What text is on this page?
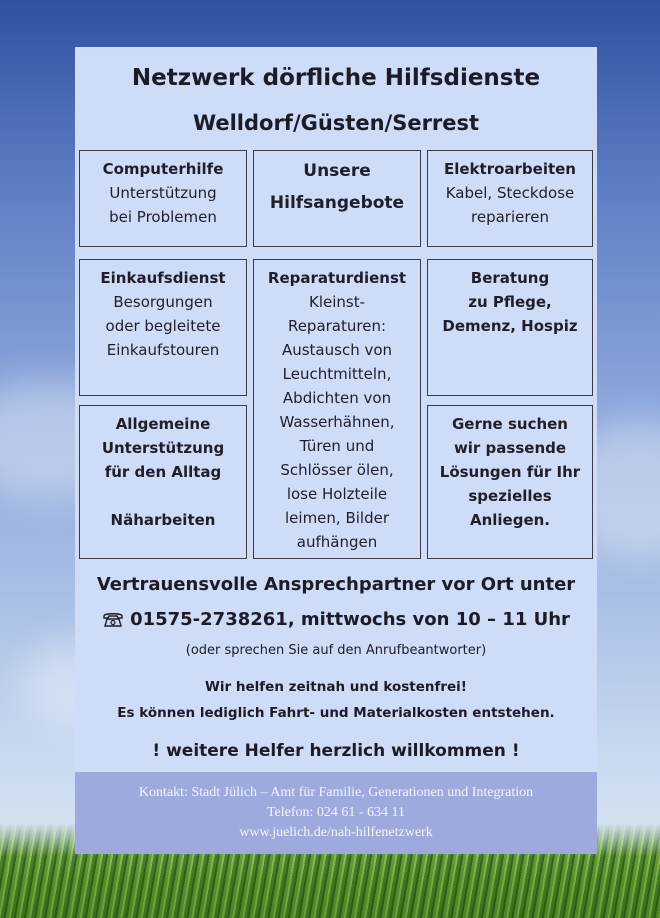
Netzwerk dörfliche Hilfsdienste
Welldorf/Güsten/Serrest
Computerhilfe
Unterstützung
bei Problemen
Unsere
Hilfsangebote
Elektroarbeiten
Kabel, Steckdose
reparieren
Einkaufsdienst
Besorgungen
oder begleitete
Einkaufstouren
Reparaturdienst
Kleinst-
Reparaturen:
Austausch von
Leuchtmitteln,
Abdichten von
Wasserhähnen,
Türen und
Schlösser ölen,
lose Holzteile
leimen, Bilder
aufhängen
Beratung
zu Pflege,
Demenz, Hospiz
Allgemeine
Unterstützung
für den Alltag
Näharbeiten
Gerne suchen
wir passende
Lösungen für Ihr
spezielles
Anliegen.
Vertrauensvolle Ansprechpartner vor Ort unter
01575-2738261, mittwochs von 10 – 11 Uhr
(oder sprechen Sie auf den Anrufbeantworter)
Wir helfen zeitnah und kostenfrei!
Es können lediglich Fahrt- und Materialkosten entstehen.
! weitere Helfer herzlich willkommen !
Kontakt: Stadt Jülich – Amt für Familie, Generationen und Integration
Telefon: 024 61 - 634 11
www.juelich.de/nah-hilfenetzwerk
